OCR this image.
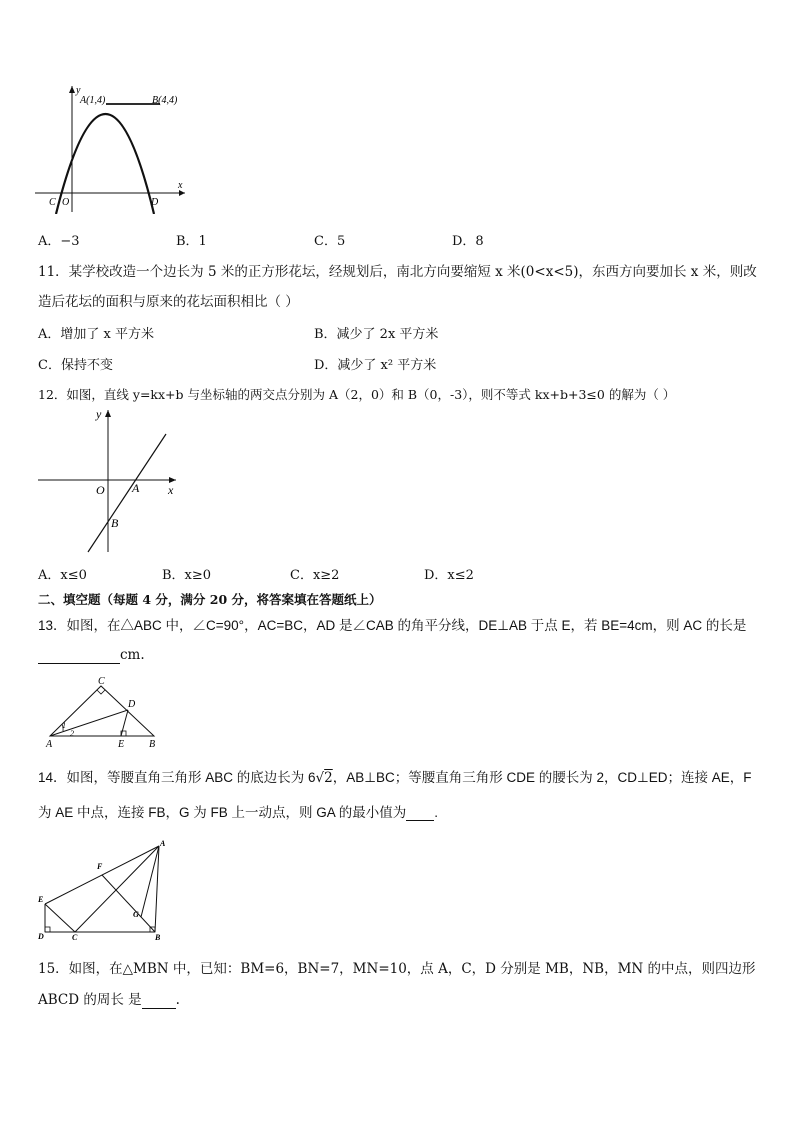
y
x
A(1,4)	B(4,4)
C O	D
A．−3	B．1	C．5	D．8
11．某学校改造一个边长为 5 米的正方形花坛，经规划后，南北方向要缩短 x 米(0<x<5)，东西方向要加长 x 米，则改
造后花坛的面积与原来的花坛面积相比（ ）
A．增加了 x 平方米	B．减少了 2x 平方米
C．保持不变	D．减少了 x² 平方米
12．如图，直线 y=kx+b 与坐标轴的两交点分别为 A（2，0）和 B（0，-3），则不等式 kx+b+3≤0 的解为（ ）
y
x
O A
B
A．x≤0	B．x≥0	C．x≥2	D．x≤2
二、填空题（每题 4 分，满分 20 分，将答案填在答题纸上）
13．如图，在△ABC 中，∠C=90°，AC=BC，AD 是∠CAB 的角平分线，DE⊥AB 于点 E，若 BE=4cm，则 AC 的长是
cm.
C
D
A	E B
1
2
14．如图，等腰直角三角形 ABC 的底边长为 6√2，AB⊥BC；等腰直角三角形 CDE 的腰长为 2，CD⊥ED；连接 AE，F
为 AE 中点，连接 FB，G 为 FB 上一动点，则 GA 的最小值为 .
A
F
E
G
D	C	B
15．如图，在△MBN 中，已知：BM=6，BN=7，MN=10，点 A，C，D 分别是 MB，NB，MN 的中点，则四边形
ABCD 的周长 是	.
